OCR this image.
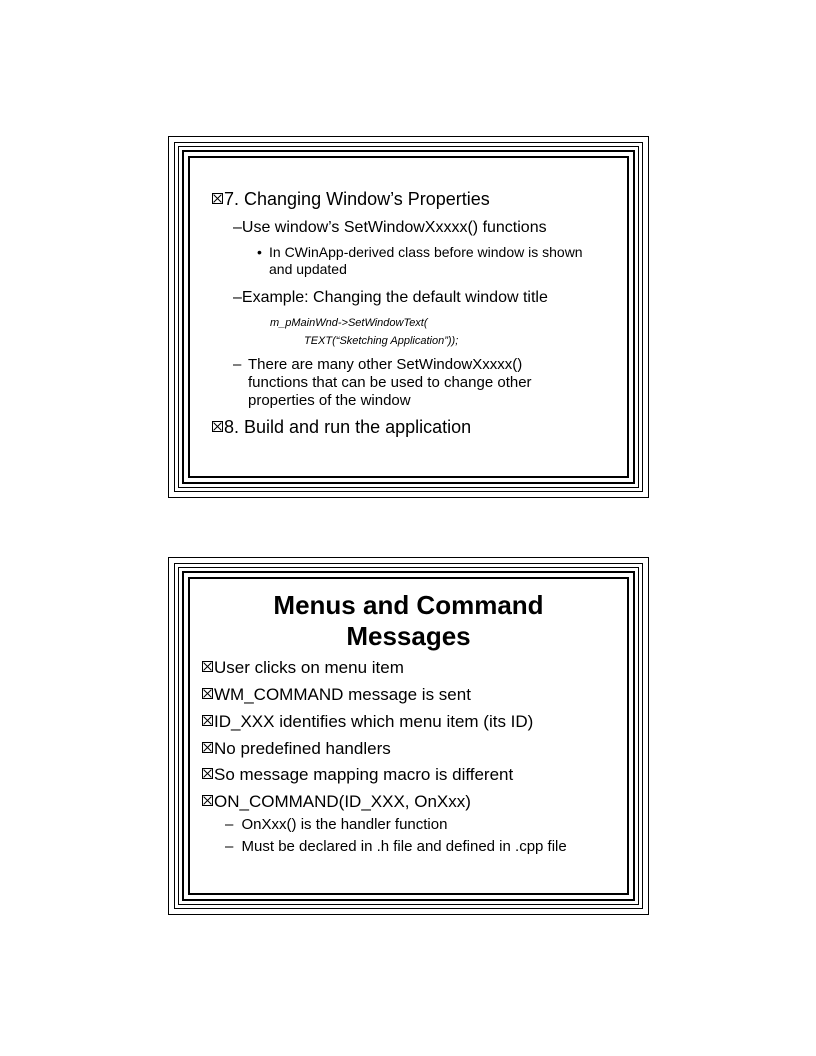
7. Changing Window’s Properties
–Use window’s SetWindowXxxxx() functions
• In CWinApp-derived class before window is shown and updated
–Example: Changing the default window title
m_pMainWnd->SetWindowText(
TEXT(“Sketching Application”));
– There are many other SetWindowXxxxx() functions that can be used to change other properties of the window
8. Build and run the application
Menus and Command
Messages
User clicks on menu item
WM_COMMAND message is sent
ID_XXX identifies which menu item (its ID)
No predefined handlers
So message mapping macro is different
ON_COMMAND(ID_XXX, OnXxx)
– OnXxx() is the handler function
– Must be declared in .h file and defined in .cpp file
